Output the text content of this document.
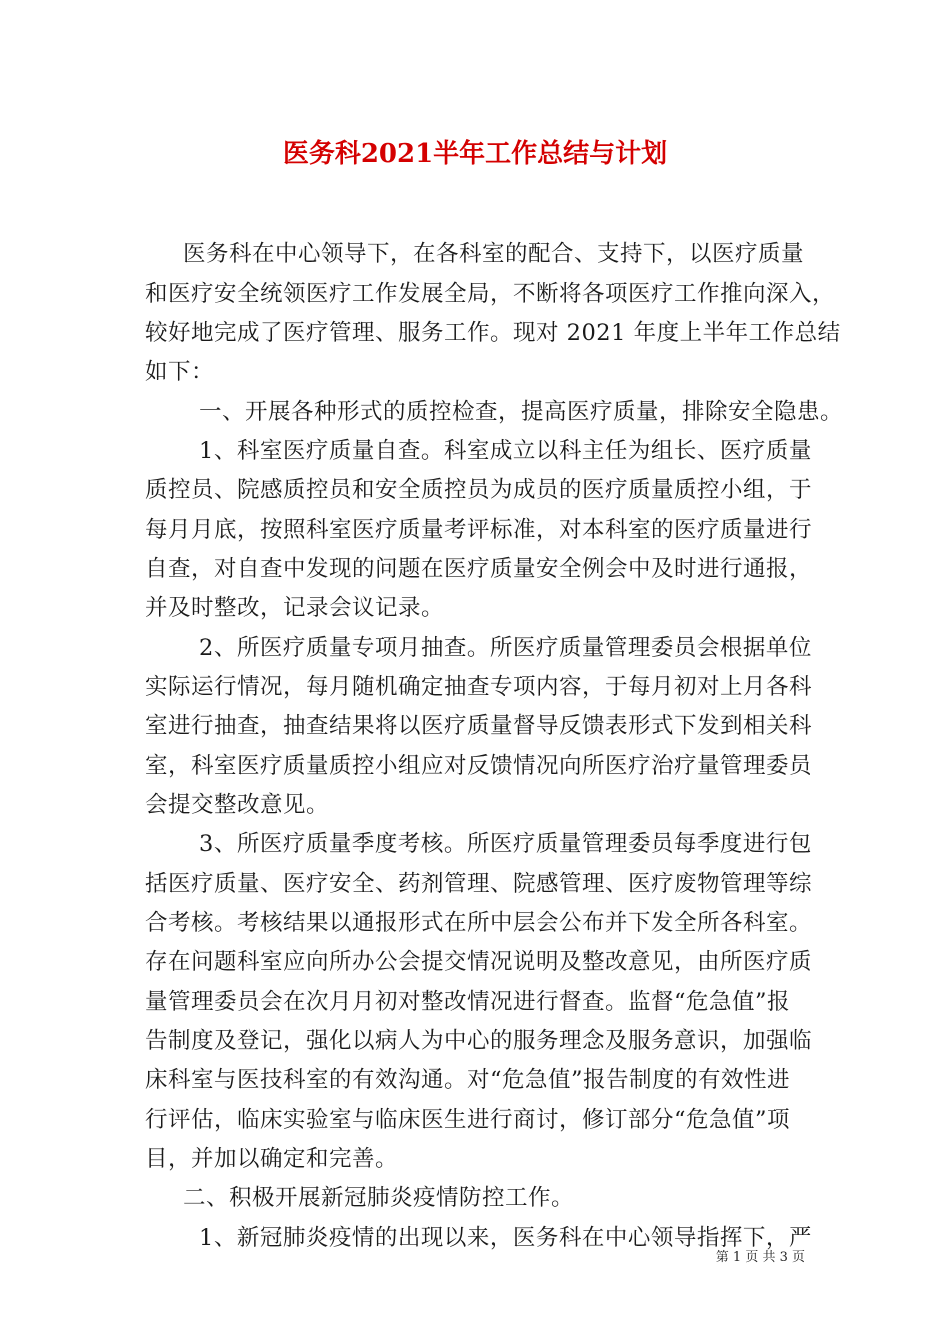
医务科2021半年工作总结与计划
医务科在中心领导下，在各科室的配合、支持下，以医疗质量
和医疗安全统领医疗工作发展全局，不断将各项医疗工作推向深入，
较好地完成了医疗管理、服务工作。现对 2021 年度上半年工作总结
如下：
一、开展各种形式的质控检查，提高医疗质量，排除安全隐患。
1、科室医疗质量自查。科室成立以科主任为组长、医疗质量
质控员、院感质控员和安全质控员为成员的医疗质量质控小组，于
每月月底，按照科室医疗质量考评标准，对本科室的医疗质量进行
自查，对自查中发现的问题在医疗质量安全例会中及时进行通报，
并及时整改，记录会议记录。
2、所医疗质量专项月抽查。所医疗质量管理委员会根据单位
实际运行情况，每月随机确定抽查专项内容，于每月初对上月各科
室进行抽查，抽查结果将以医疗质量督导反馈表形式下发到相关科
室，科室医疗质量质控小组应对反馈情况向所医疗治疗量管理委员
会提交整改意见。
3、所医疗质量季度考核。所医疗质量管理委员每季度进行包
括医疗质量、医疗安全、药剂管理、院感管理、医疗废物管理等综
合考核。考核结果以通报形式在所中层会公布并下发全所各科室。
存在问题科室应向所办公会提交情况说明及整改意见，由所医疗质
量管理委员会在次月月初对整改情况进行督查。监督“危急值”报
告制度及登记，强化以病人为中心的服务理念及服务意识，加强临
床科室与医技科室的有效沟通。对“危急值”报告制度的有效性进
行评估，临床实验室与临床医生进行商讨，修订部分“危急值”项
目，并加以确定和完善。
二、积极开展新冠肺炎疫情防控工作。
1、新冠肺炎疫情的出现以来，医务科在中心领导指挥下，严
第 1 页 共 3 页
